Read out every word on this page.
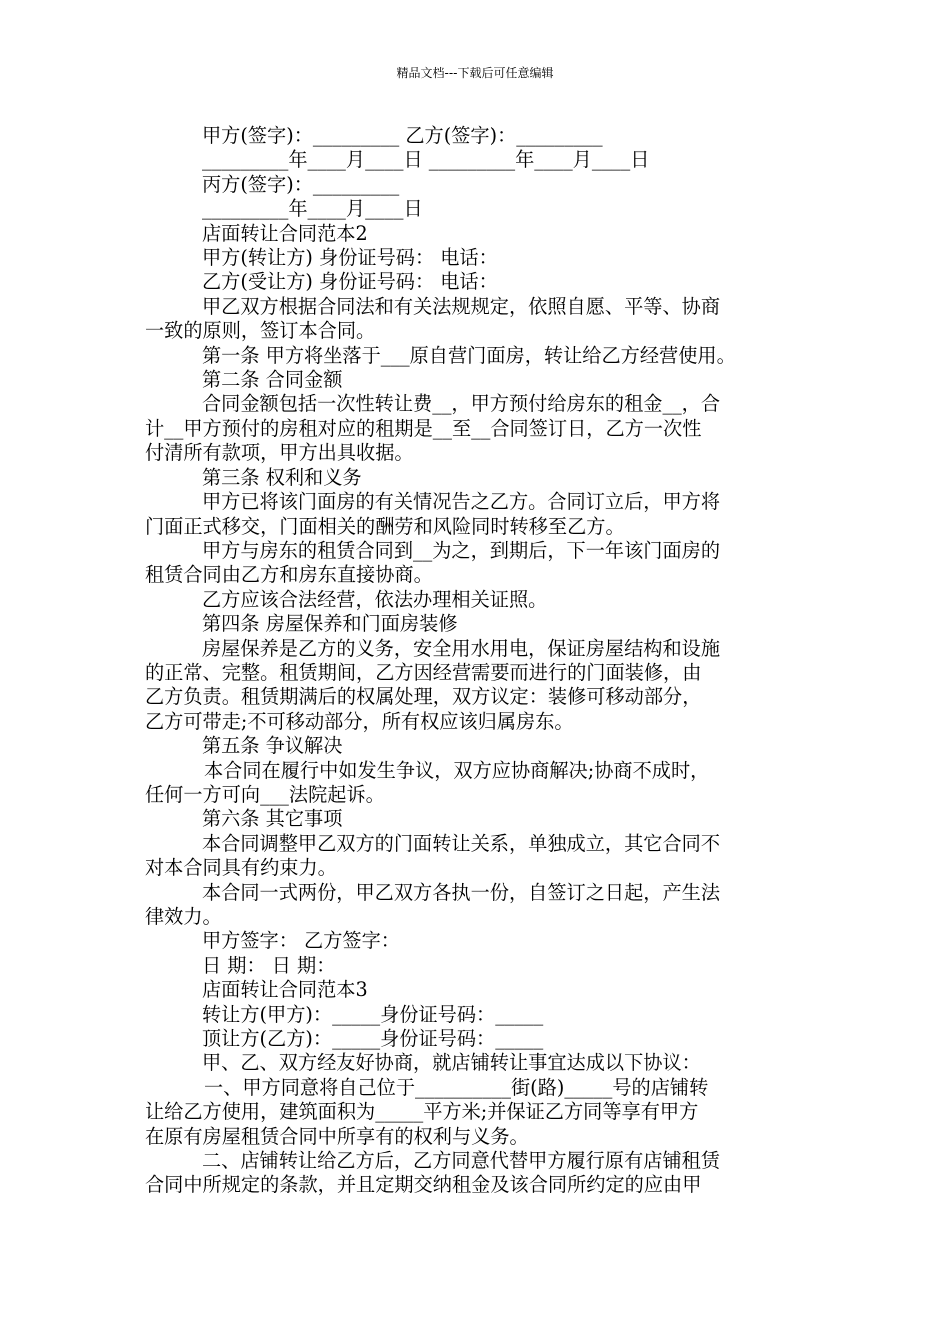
精品文档---下载后可任意编辑

甲方(签字)：_________ 乙方(签字)：_________

_________年____月____日 _________年____月____日

丙方(签字)：_________

_________年____月____日

店面转让合同范本2

甲方(转让方) 身份证号码： 电话：

乙方(受让方) 身份证号码： 电话：

甲乙双方根据合同法和有关法规规定，依照自愿、平等、协商

一致的原则，签订本合同。

第一条 甲方将坐落于___原自营门面房，转让给乙方经营使用。

第二条 合同金额

合同金额包括一次性转让费__，甲方预付给房东的租金__，合

计__甲方预付的房租对应的租期是__至__合同签订日，乙方一次性

付清所有款项，甲方出具收据。

第三条 权利和义务

甲方已将该门面房的有关情况告之乙方。合同订立后，甲方将

门面正式移交，门面相关的酬劳和风险同时转移至乙方。

甲方与房东的租赁合同到__为之，到期后，下一年该门面房的

租赁合同由乙方和房东直接协商。

乙方应该合法经营，依法办理相关证照。

第四条 房屋保养和门面房装修

房屋保养是乙方的义务，安全用水用电，保证房屋结构和设施

的正常、完整。租赁期间，乙方因经营需要而进行的门面装修，由

乙方负责。租赁期满后的权属处理，双方议定：装修可移动部分，

乙方可带走;不可移动部分，所有权应该归属房东。

第五条 争议解决

本合同在履行中如发生争议，双方应协商解决;协商不成时，

任何一方可向___法院起诉。

第六条 其它事项

本合同调整甲乙双方的门面转让关系，单独成立，其它合同不

对本合同具有约束力。

本合同一式两份，甲乙双方各执一份，自签订之日起，产生法

律效力。

甲方签字： 乙方签字：

日 期： 日 期：

店面转让合同范本3

转让方(甲方)：_____身份证号码：_____

顶让方(乙方)：_____身份证号码：_____

甲、乙、双方经友好协商，就店铺转让事宜达成以下协议：

一、甲方同意将自己位于__________街(路)_____号的店铺转

让给乙方使用，建筑面积为_____平方米;并保证乙方同等享有甲方

在原有房屋租赁合同中所享有的权利与义务。

二、店铺转让给乙方后，乙方同意代替甲方履行原有店铺租赁

合同中所规定的条款，并且定期交纳租金及该合同所约定的应由甲
